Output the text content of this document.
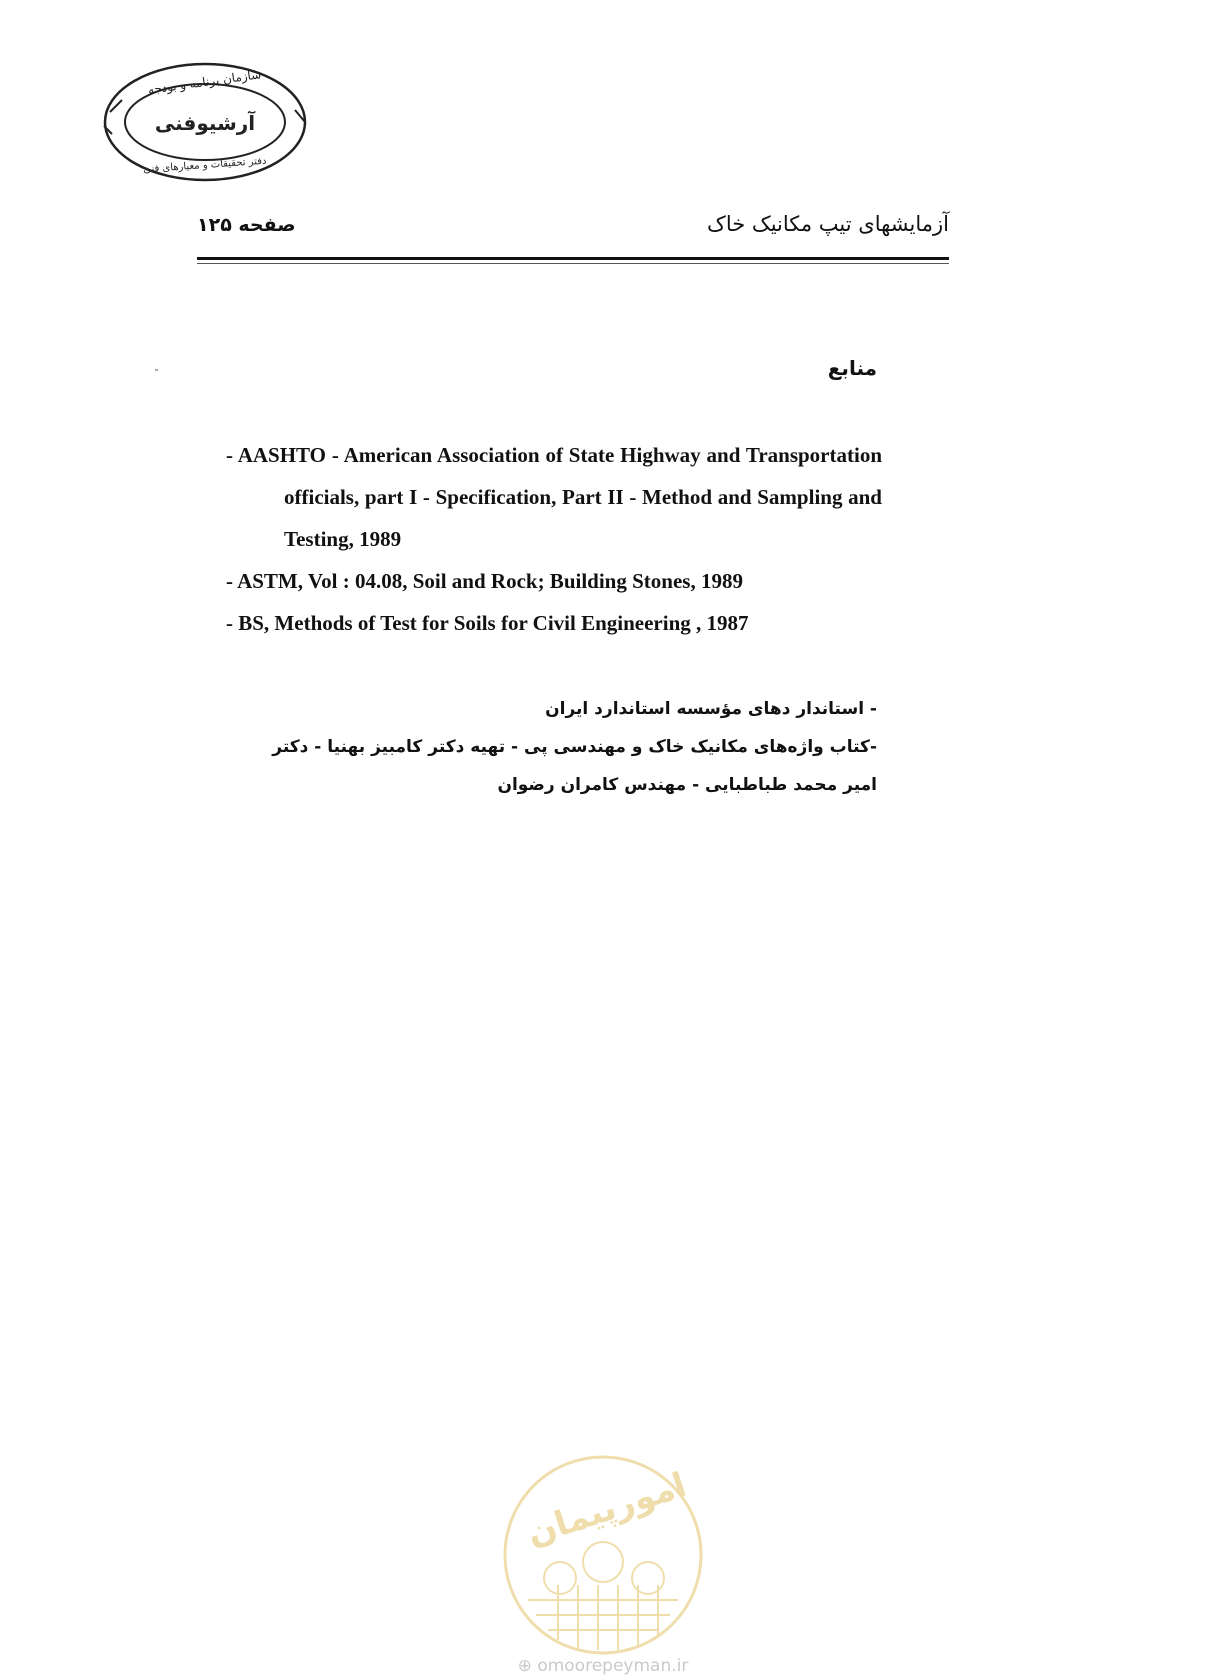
سازمان برنامه و بودجه
آرشیوفنی
دفتر تحقیقات و معیارهای فنی
صفحه ۱۲۵	آزمایشهای تیپ مکانیک خاک
منابع
- AASHTO - American Association of State Highway and Transportation officials, part I - Specification, Part II - Method and Sampling and Testing, 1989
- ASTM, Vol : 04.08, Soil and Rock; Building Stones, 1989
- BS, Methods of Test for Soils for Civil Engineering , 1987
- استاندار دهای مؤسسه استاندارد ایران
-کتاب واژه‌های مکانیک خاک و مهندسی پی - تهیه دکتر کامبیز بهنیا - دکتر امیر محمد طباطبایی - مهندس کامران رضوان
امورپیمان
⊕ omoorepeyman.ir
